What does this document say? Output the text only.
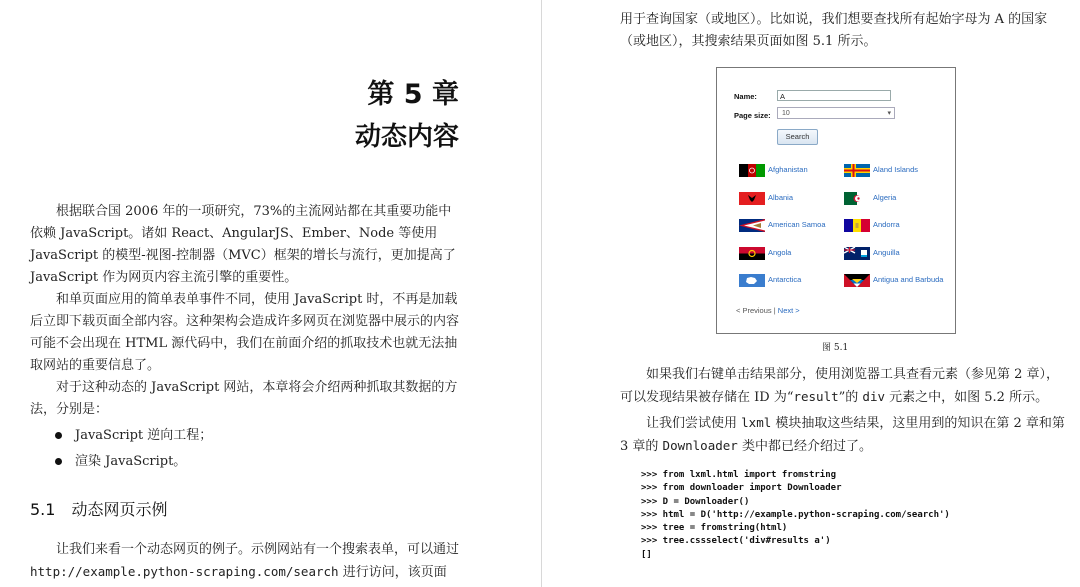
第 5 章
动态内容

根据联合国 2006 年的一项研究，73%的主流网站都在其重要功能中依赖 JavaScript。诸如 React、AngularJS、Ember、Node 等使用 JavaScript 的模型-视图-控制器（MVC）框架的增长与流行，更加提高了 JavaScript 作为网页内容主流引擎的重要性。

和单页面应用的简单表单事件不同，使用 JavaScript 时，不再是加载后立即下载页面全部内容。这种架构会造成许多网页在浏览器中展示的内容可能不会出现在 HTML 源代码中，我们在前面介绍的抓取技术也就无法抽取网站的重要信息了。

对于这种动态的 JavaScript 网站，本章将会介绍两种抓取其数据的方法，分别是：

JavaScript 逆向工程；
渲染 JavaScript。
5.1 动态网页示例

让我们来看一个动态网页的例子。示例网站有一个搜索表单，可以通过http://example.python-scraping.com/search 进行访问，该页面

用于查询国家（或地区）。比如说，我们想要查找所有起始字母为 A 的国家（或地区），其搜索结果页面如图 5.1 所示。

Name:	A
Page size:	10	▾
Search
Afghanistan	Aland Islands
Albania	Algeria
American Samoa	Andorra
Angola	Anguilla
Antarctica	Antigua and Barbuda
< Previous | Next >
图 5.1

如果我们右键单击结果部分，使用浏览器工具查看元素（参见第 2 章），可以发现结果被存储在 ID 为“result”的 div 元素之中，如图 5.2 所示。

让我们尝试使用 lxml 模块抽取这些结果，这里用到的知识在第 2 章和第 3 章的 Downloader 类中都已经介绍过了。

>>> from lxml.html import fromstring
>>> from downloader import Downloader
>>> D = Downloader()
>>> html = D('http://example.python-scraping.com/search')
>>> tree = fromstring(html)
>>> tree.cssselect('div#results a')
[]
